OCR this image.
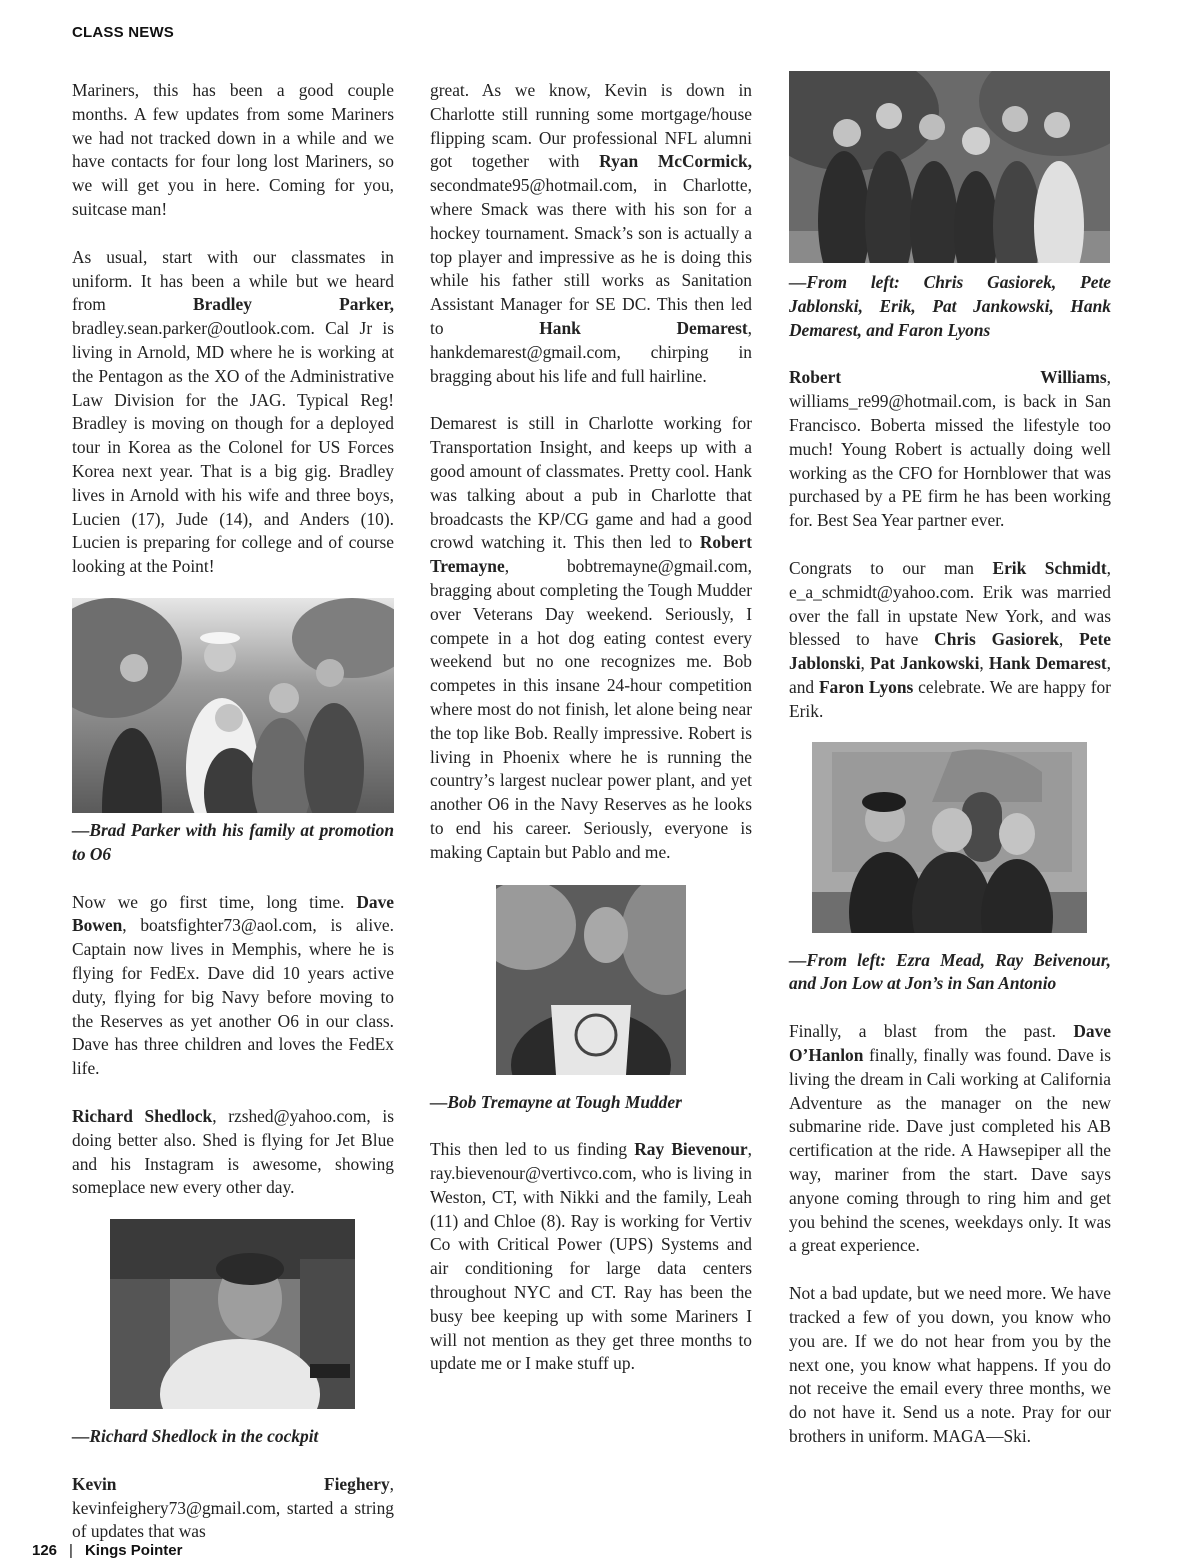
CLASS NEWS

Mariners, this has been a good couple months. A few updates from some Mariners we had not tracked down in a while and we have contacts for four long lost Mariners, so we will get you in here. Coming for you, suitcase man!

As usual, start with our classmates in uniform. It has been a while but we heard from Bradley Parker, bradley.sean.parker@outlook.com. Cal Jr is living in Arnold, MD where he is working at the Pentagon as the XO of the Administrative Law Division for the JAG. Typical Reg! Bradley is moving on though for a deployed tour in Korea as the Colonel for US Forces Korea next year. That is a big gig. Bradley lives in Arnold with his wife and three boys, Lucien (17), Jude (14), and Anders (10). Lucien is preparing for college and of course looking at the Point!

—Brad Parker with his family at promotion to O6

Now we go first time, long time. Dave Bowen, boatsfighter73@aol.com, is alive. Captain now lives in Memphis, where he is flying for FedEx. Dave did 10 years active duty, flying for big Navy before moving to the Reserves as yet another O6 in our class. Dave has three children and loves the FedEx life.

Richard Shedlock, rzshed@yahoo.com, is doing better also. Shed is flying for Jet Blue and his Instagram is awesome, showing someplace new every other day.

—Richard Shedlock in the cockpit

Kevin Fieghery, kevinfeighery73@gmail.com, started a string of updates that was

great. As we know, Kevin is down in Charlotte still running some mortgage/house flipping scam. Our professional NFL alumni got together with Ryan McCormick, secondmate95@hotmail.com, in Charlotte, where Smack was there with his son for a hockey tournament. Smack’s son is actually a top player and impressive as he is doing this while his father still works as Sanitation Assistant Manager for SE DC. This then led to Hank Demarest, hankdemarest@gmail.com, chirping in bragging about his life and full hairline.

Demarest is still in Charlotte working for Transportation Insight, and keeps up with a good amount of classmates. Pretty cool. Hank was talking about a pub in Charlotte that broadcasts the KP/CG game and had a good crowd watching it. This then led to Robert Tremayne, bobtremayne@gmail.com, bragging about completing the Tough Mudder over Veterans Day weekend. Seriously, I compete in a hot dog eating contest every weekend but no one recognizes me. Bob competes in this insane 24-hour competition where most do not finish, let alone being near the top like Bob. Really impressive. Robert is living in Phoenix where he is running the country’s largest nuclear power plant, and yet another O6 in the Navy Reserves as he looks to end his career. Seriously, everyone is making Captain but Pablo and me.

—Bob Tremayne at Tough Mudder

This then led to us finding Ray Bievenour, ray.bievenour@vertivco.com, who is living in Weston, CT, with Nikki and the family, Leah (11) and Chloe (8). Ray is working for Vertiv Co with Critical Power (UPS) Systems and air conditioning for large data centers throughout NYC and CT. Ray has been the busy bee keeping up with some Mariners I will not mention as they get three months to update me or I make stuff up.

—From left: Chris Gasiorek, Pete Jablonski, Erik, Pat Jankowski, Hank Demarest, and Faron Lyons

Robert Williams, williams_re99@hotmail.com, is back in San Francisco. Boberta missed the lifestyle too much! Young Robert is actually doing well working as the CFO for Hornblower that was purchased by a PE firm he has been working for. Best Sea Year partner ever.

Congrats to our man Erik Schmidt, e_a_schmidt@yahoo.com. Erik was married over the fall in upstate New York, and was blessed to have Chris Gasiorek, Pete Jablonski, Pat Jankowski, Hank Demarest, and Faron Lyons celebrate. We are happy for Erik.

—From left: Ezra Mead, Ray Beivenour, and Jon Low at Jon’s in San Antonio

Finally, a blast from the past. Dave O’Hanlon finally, finally was found. Dave is living the dream in Cali working at California Adventure as the manager on the new submarine ride. Dave just completed his AB certification at the ride. A Hawsepiper all the way, mariner from the start. Dave says anyone coming through to ring him and get you behind the scenes, weekdays only. It was a great experience.

Not a bad update, but we need more. We have tracked a few of you down, you know who you are. If we do not hear from you by the next one, you know what happens. If you do not receive the email every three months, we do not have it. Send us a note. Pray for our brothers in uniform. MAGA—Ski.

126 | Kings Pointer
